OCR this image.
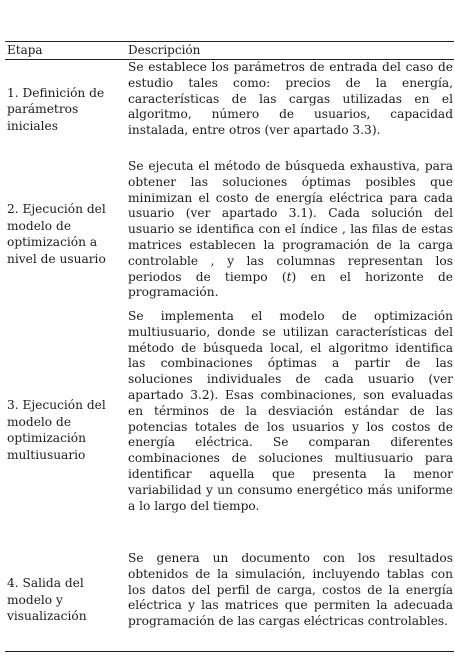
Etapa	Descripción
1. Definición de parámetros iniciales
Se establece los parámetros de entrada del caso de estudio tales como: precios de la energía, características de las cargas utilizadas en el algoritmo, número de usuarios, capacidad instalada, entre otros (ver apartado 3.3).
2. Ejecución del modelo de optimización a nivel de usuario
Se ejecuta el método de búsqueda exhaustiva, para obtener las soluciones óptimas posibles que minimizan el costo de energía eléctrica para cada usuario (ver apartado 3.1). Cada solución del usuario se identifica con el índice , las filas de estas matrices establecen la programación de la carga controlable , y las columnas representan los periodos de tiempo (t) en el horizonte de programación.
3. Ejecución del modelo de optimización multiusuario
Se implementa el modelo de optimización multiusuario, donde se utilizan características del método de búsqueda local, el algoritmo identifica las combinaciones óptimas a partir de las soluciones individuales de cada usuario (ver apartado 3.2). Esas combinaciones, son evaluadas en términos de la desviación estándar de las potencias totales de los usuarios y los costos de energía eléctrica. Se comparan diferentes combinaciones de soluciones multiusuario para identificar aquella que presenta la menor variabilidad y un consumo energético más uniforme a lo largo del tiempo.
4. Salida del modelo y visualización
Se genera un documento con los resultados obtenidos de la simulación, incluyendo tablas con los datos del perfil de carga, costos de la energía eléctrica y las matrices que permiten la adecuada programación de las cargas eléctricas controlables.
